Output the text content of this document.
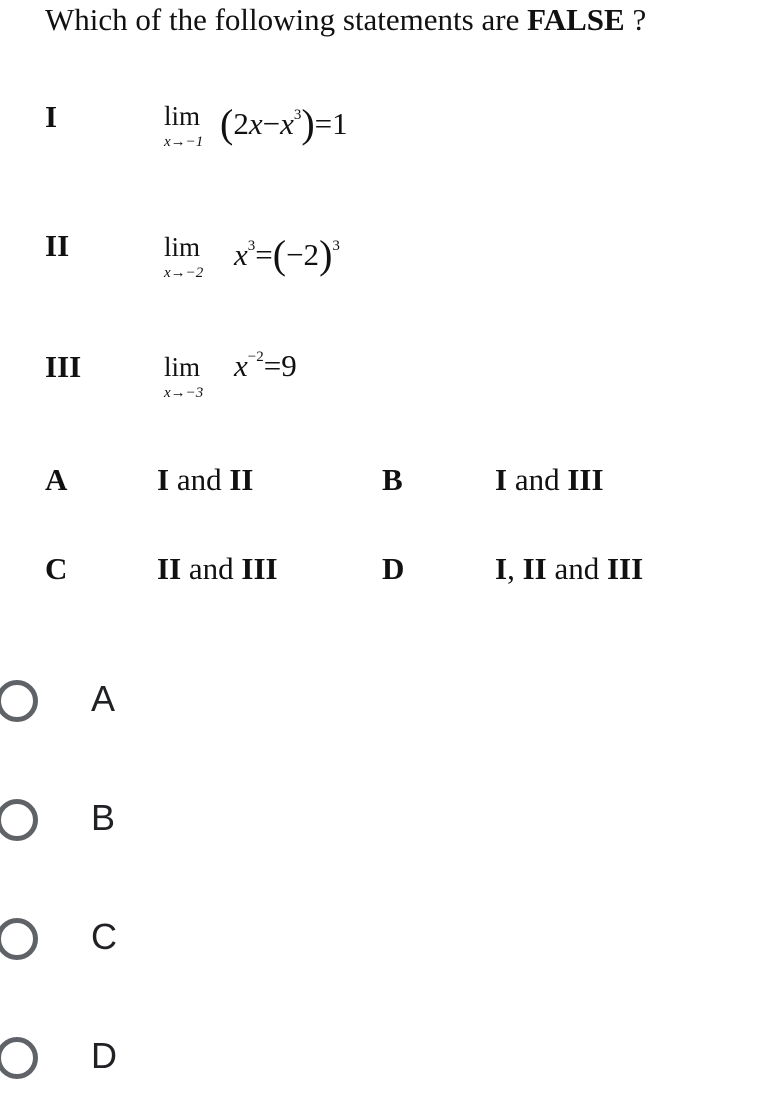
Which of the following statements are FALSE ?
I	lim
x→−1 $(2x-x^3)=1$
II	lim
x→−2
$x^3=(-2)^3$
III	lim
x→−3
$x^{-2}=9$
A	I and II	B	I and III
C	II and III	D	I, II and III
A
B
C
D
